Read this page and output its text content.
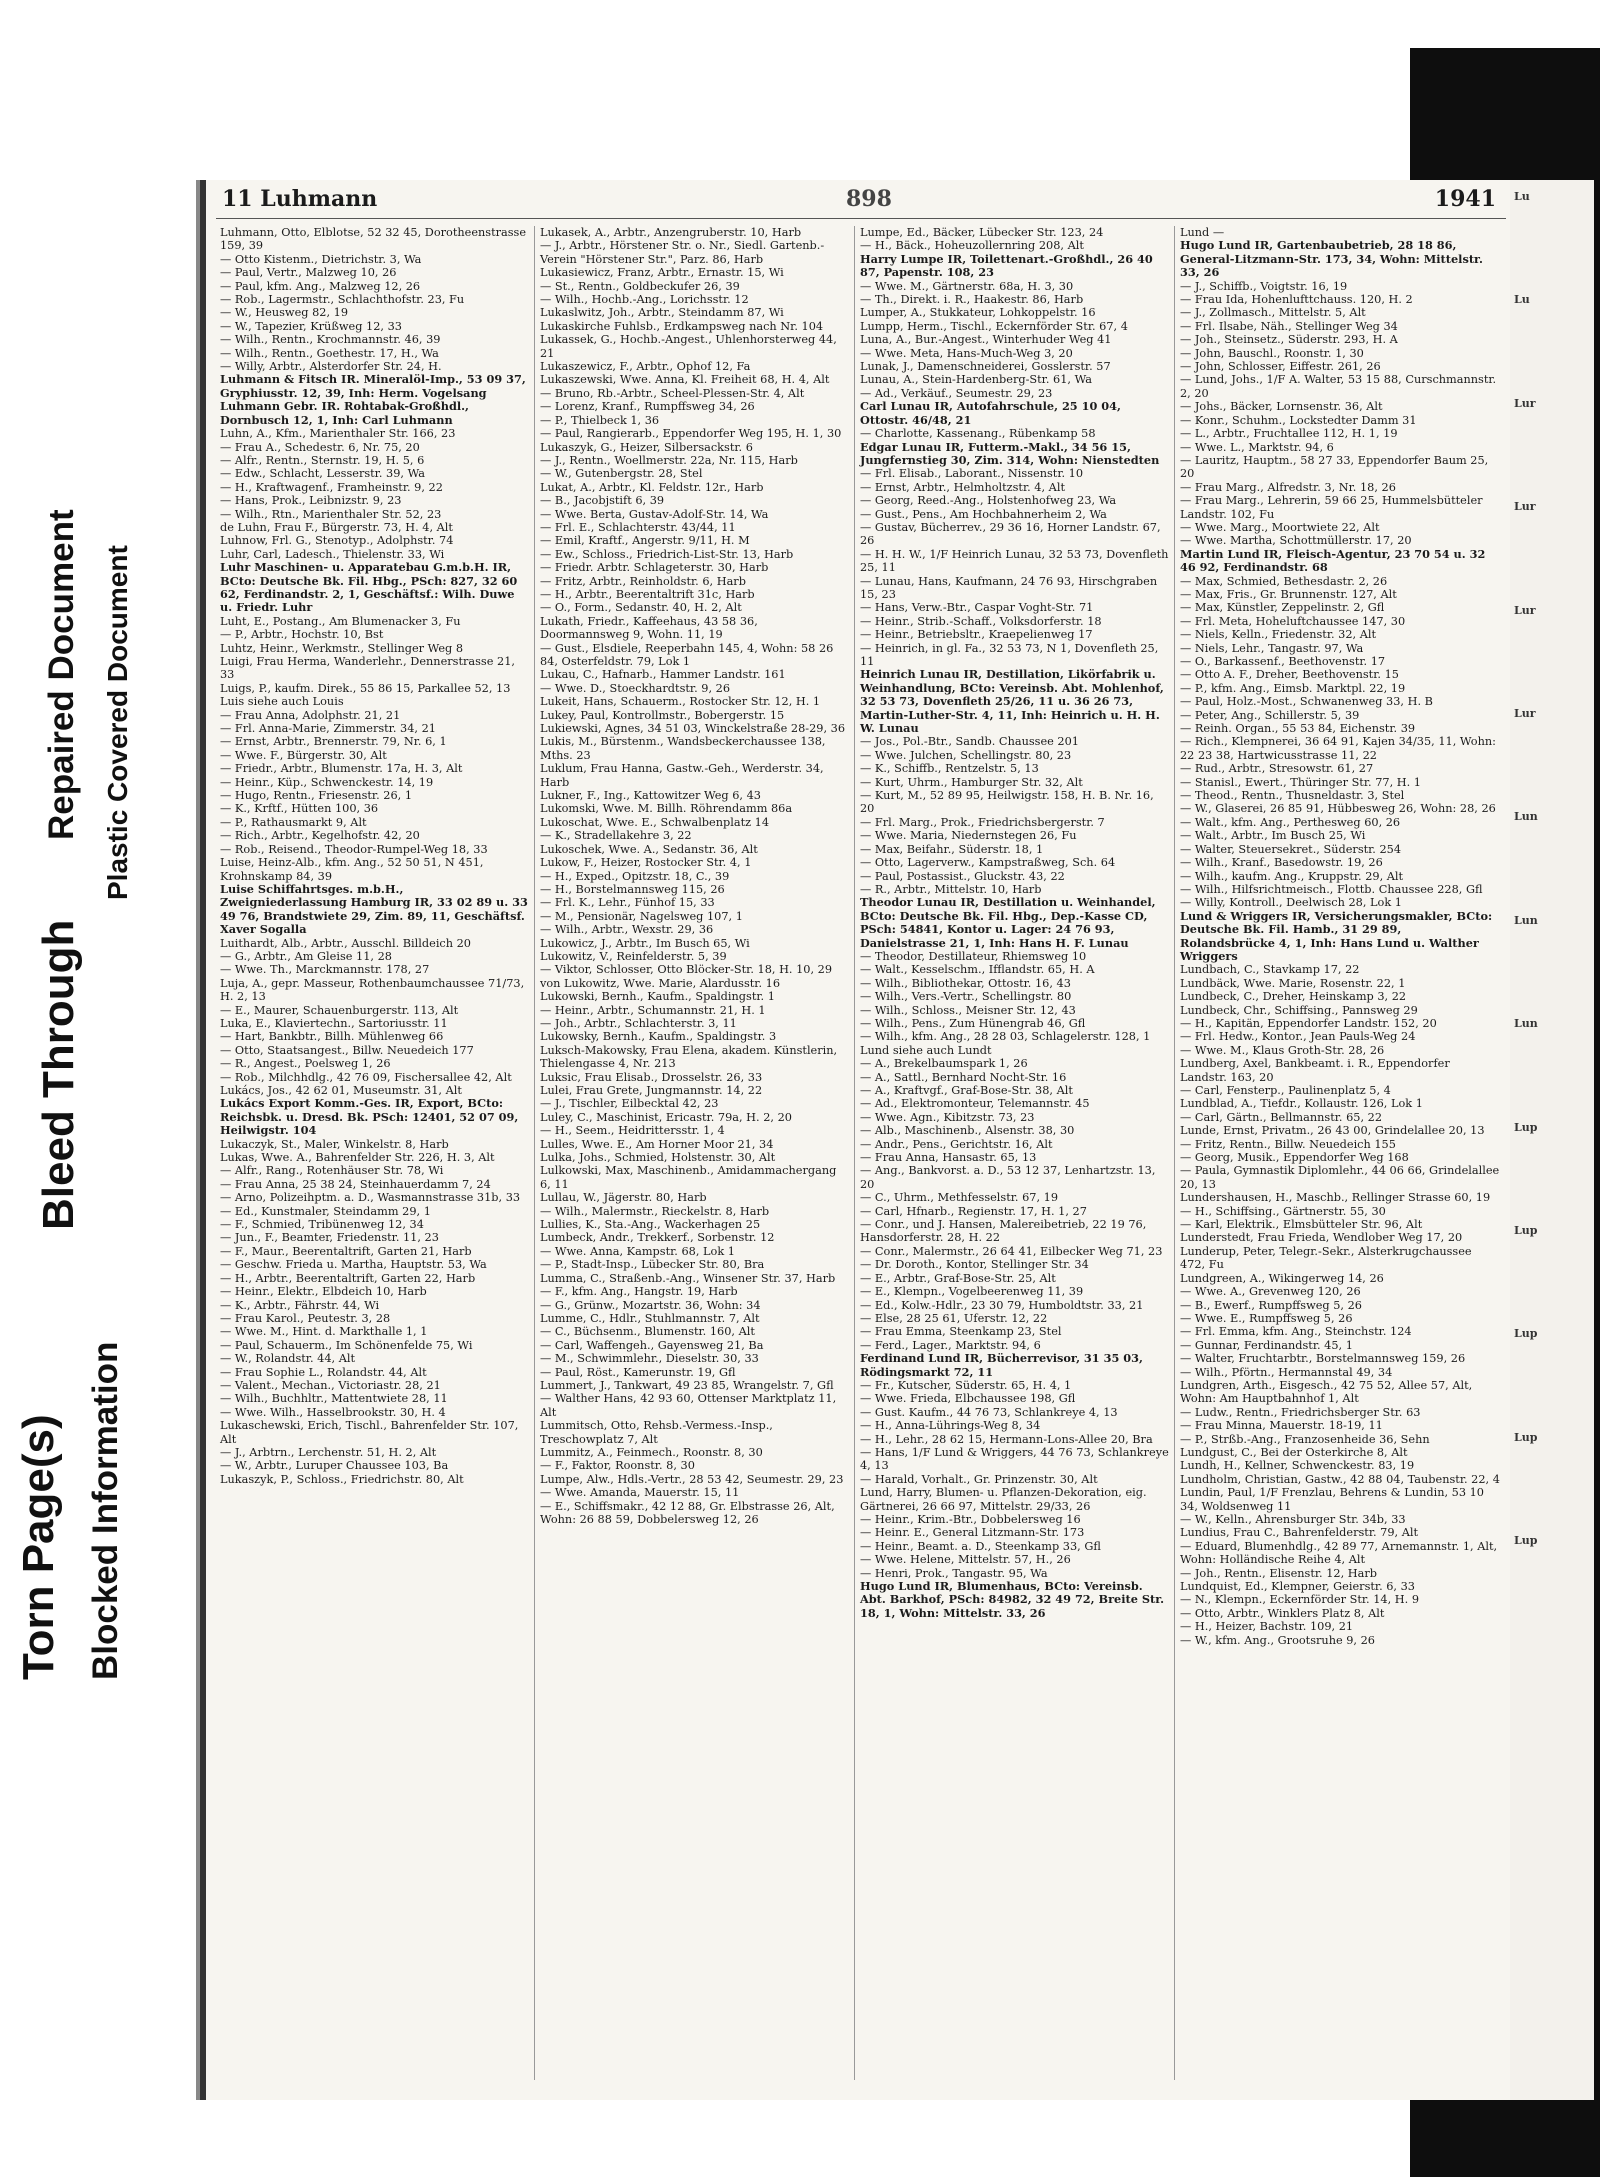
Torn Page(s) Blocked Information
Bleed Through
Repaired Document Plastic Covered Document
11 Luhmann	898	1941

Luhmann, Otto, Elblotse, 52 32 45, Dorotheenstrasse 159, 39

— Otto Kistenm., Dietrichstr. 3, Wa

— Paul, Vertr., Malzweg 10, 26

— Paul, kfm. Ang., Malzweg 12, 26

— Rob., Lagermstr., Schlachthofstr. 23, Fu

— W., Heusweg 82, 19

— W., Tapezier, Krüßweg 12, 33

— Wilh., Rentn., Krochmannstr. 46, 39

— Wilh., Rentn., Goethestr. 17, H., Wa

— Willy, Arbtr., Alsterdorfer Str. 24, H.

Luhmann & Fitsch IR. Mineralöl-Imp., 53 09 37, Gryphiusstr. 12, 39, Inh: Herm. Vogelsang

Luhmann Gebr. IR. Rohtabak-Großhdl., Dornbusch 12, 1, Inh: Carl Luhmann

Luhn, A., Kfm., Marienthaler Str. 166, 23

— Frau A., Schedestr. 6, Nr. 75, 20

— Alfr., Rentn., Sternstr. 19, H. 5, 6

— Edw., Schlacht, Lesserstr. 39, Wa

— H., Kraftwagenf., Framheinstr. 9, 22

— Hans, Prok., Leibnizstr. 9, 23

— Wilh., Rtn., Marienthaler Str. 52, 23

de Luhn, Frau F., Bürgerstr. 73, H. 4, Alt

Luhnow, Frl. G., Stenotyp., Adolphstr. 74

Luhr, Carl, Ladesch., Thielenstr. 33, Wi

Luhr Maschinen- u. Apparatebau G.m.b.H. IR, BCto: Deutsche Bk. Fil. Hbg., PSch: 827, 32 60 62, Ferdinandstr. 2, 1, Geschäftsf.: Wilh. Duwe u. Friedr. Luhr

Luht, E., Postang., Am Blumenacker 3, Fu

— P., Arbtr., Hochstr. 10, Bst

Luhtz, Heinr., Werkmstr., Stellinger Weg 8

Luigi, Frau Herma, Wanderlehr., Dennerstrasse 21, 33

Luigs, P., kaufm. Direk., 55 86 15, Parkallee 52, 13

Luis siehe auch Louis

— Frau Anna, Adolphstr. 21, 21

— Frl. Anna-Marie, Zimmerstr. 34, 21

— Ernst, Arbtr., Brennerstr. 79, Nr. 6, 1

— Wwe. F., Bürgerstr. 30, Alt

— Friedr., Arbtr., Blumenstr. 17a, H. 3, Alt

— Heinr., Küp., Schwenckestr. 14, 19

— Hugo, Rentn., Friesenstr. 26, 1

— K., Krftf., Hütten 100, 36

— P., Rathausmarkt 9, Alt

— Rich., Arbtr., Kegelhofstr. 42, 20

— Rob., Reisend., Theodor-Rumpel-Weg 18, 33

Luise, Heinz-Alb., kfm. Ang., 52 50 51, N 451, Krohnskamp 84, 39

Luise Schiffahrtsges. m.b.H., Zweigniederlassung Hamburg IR, 33 02 89 u. 33 49 76, Brandstwiete 29, Zim. 89, 11, Geschäftsf. Xaver Sogalla

Luithardt, Alb., Arbtr., Ausschl. Billdeich 20

— G., Arbtr., Am Gleise 11, 28

— Wwe. Th., Marckmannstr. 178, 27

Luja, A., gepr. Masseur, Rothenbaumchaussee 71/73, H. 2, 13

— E., Maurer, Schauenburgerstr. 113, Alt

Luka, E., Klaviertechn., Sartoriusstr. 11

— Hart, Bankbtr., Billh. Mühlenweg 66

— Otto, Staatsangest., Billw. Neuedeich 177

— R., Angest., Poelsweg 1, 26

— Rob., Milchhdlg., 42 76 09, Fischersallee 42, Alt

Lukács, Jos., 42 62 01, Museumstr. 31, Alt

Lukács Export Komm.-Ges. IR, Export, BCto: Reichsbk. u. Dresd. Bk. PSch: 12401, 52 07 09, Heilwigstr. 104

Lukaczyk, St., Maler, Winkelstr. 8, Harb

Lukas, Wwe. A., Bahrenfelder Str. 226, H. 3, Alt

— Alfr., Rang., Rotenhäuser Str. 78, Wi

— Frau Anna, 25 38 24, Steinhauerdamm 7, 24

— Arno, Polizeihptm. a. D., Wasmannstrasse 31b, 33

— Ed., Kunstmaler, Steindamm 29, 1

— F., Schmied, Tribünenweg 12, 34

— Jun., F., Beamter, Friedenstr. 11, 23

— F., Maur., Beerentaltrift, Garten 21, Harb

— Geschw. Frieda u. Martha, Hauptstr. 53, Wa

— H., Arbtr., Beerentaltrift, Garten 22, Harb

— Heinr., Elektr., Elbdeich 10, Harb

— K., Arbtr., Fährstr. 44, Wi

— Frau Karol., Peutestr. 3, 28

— Wwe. M., Hint. d. Markthalle 1, 1

— Paul, Schauerm., Im Schönenfelde 75, Wi

— W., Rolandstr. 44, Alt

— Frau Sophie L., Rolandstr. 44, Alt

— Valent., Mechan., Victoriastr. 28, 21

— Wilh., Buchhltr., Mattentwiete 28, 11

— Wwe. Wilh., Hasselbrookstr. 30, H. 4

Lukaschewski, Erich, Tischl., Bahrenfelder Str. 107, Alt

— J., Arbtrn., Lerchenstr. 51, H. 2, Alt

— W., Arbtr., Luruper Chaussee 103, Ba

Lukaszyk, P., Schloss., Friedrichstr. 80, Alt

Lukasek, A., Arbtr., Anzengruberstr. 10, Harb

— J., Arbtr., Hörstener Str. o. Nr., Siedl. Gartenb.-Verein "Hörstener Str.", Parz. 86, Harb

Lukasiewicz, Franz, Arbtr., Ernastr. 15, Wi

— St., Rentn., Goldbeckufer 26, 39

— Wilh., Hochb.-Ang., Lorichsstr. 12

Lukaslwitz, Joh., Arbtr., Steindamm 87, Wi

Lukaskirche Fuhlsb., Erdkampsweg nach Nr. 104

Lukassek, G., Hochb.-Angest., Uhlenhorsterweg 44, 21

Lukaszewicz, F., Arbtr., Ophof 12, Fa

Lukaszewski, Wwe. Anna, Kl. Freiheit 68, H. 4, Alt

— Bruno, Rb.-Arbtr., Scheel-Plessen-Str. 4, Alt

— Lorenz, Kranf., Rumpffsweg 34, 26

— P., Thielbeck 1, 36

— Paul, Rangierarb., Eppendorfer Weg 195, H. 1, 30

Lukaszyk, G., Heizer, Silbersackstr. 6

— J., Rentn., Woellmerstr. 22a, Nr. 115, Harb

— W., Gutenbergstr. 28, Stel

Lukat, A., Arbtr., Kl. Feldstr. 12r., Harb

— B., Jacobjstift 6, 39

— Wwe. Berta, Gustav-Adolf-Str. 14, Wa

— Frl. E., Schlachterstr. 43/44, 11

— Emil, Kraftf., Angerstr. 9/11, H. M

— Ew., Schloss., Friedrich-List-Str. 13, Harb

— Friedr. Arbtr. Schlageterstr. 30, Harb

— Fritz, Arbtr., Reinholdstr. 6, Harb

— H., Arbtr., Beerentaltrift 31c, Harb

— O., Form., Sedanstr. 40, H. 2, Alt

Lukath, Friedr., Kaffeehaus, 43 58 36, Doormannsweg 9, Wohn. 11, 19

— Gust., Elsdiele, Reeperbahn 145, 4, Wohn: 58 26 84, Osterfeldstr. 79, Lok 1

Lukau, C., Hafnarb., Hammer Landstr. 161

— Wwe. D., Stoeckhardtstr. 9, 26

Lukeit, Hans, Schauerm., Rostocker Str. 12, H. 1

Lukey, Paul, Kontrollmstr., Bobergerstr. 15

Lukiewski, Agnes, 34 51 03, Winckelstraße 28-29, 36

Lukis, M., Bürstenm., Wandsbeckerchaussee 138, Mths. 23

Luklum, Frau Hanna, Gastw.-Geh., Werderstr. 34, Harb

Lukner, F., Ing., Kattowitzer Weg 6, 43

Lukomski, Wwe. M. Billh. Röhrendamm 86a

Lukoschat, Wwe. E., Schwalbenplatz 14

— K., Stradellakehre 3, 22

Lukoschek, Wwe. A., Sedanstr. 36, Alt

Lukow, F., Heizer, Rostocker Str. 4, 1

— H., Exped., Opitzstr. 18, C., 39

— H., Borstelmannsweg 115, 26

— Frl. K., Lehr., Fünhof 15, 33

— M., Pensionär, Nagelsweg 107, 1

— Wilh., Arbtr., Wexstr. 29, 36

Lukowicz, J., Arbtr., Im Busch 65, Wi

Lukowitz, V., Reinfelderstr. 5, 39

— Viktor, Schlosser, Otto Blöcker-Str. 18, H. 10, 29

von Lukowitz, Wwe. Marie, Alardusstr. 16

Lukowski, Bernh., Kaufm., Spaldingstr. 1

— Heinr., Arbtr., Schumannstr. 21, H. 1

— Joh., Arbtr., Schlachterstr. 3, 11

Lukowsky, Bernh., Kaufm., Spaldingstr. 3

Luksch-Makowsky, Frau Elena, akadem. Künstlerin, Thielengasse 4, Nr. 213

Luksic, Frau Elisab., Drosselstr. 26, 33

Lulei, Frau Grete, Jungmannstr. 14, 22

— J., Tischler, Eilbecktal 42, 23

Luley, C., Maschinist, Ericastr. 79a, H. 2, 20

— H., Seem., Heidrittersstr. 1, 4

Lulles, Wwe. E., Am Horner Moor 21, 34

Lulka, Johs., Schmied, Holstenstr. 30, Alt

Lulkowski, Max, Maschinenb., Amidammachergang 6, 11

Lullau, W., Jägerstr. 80, Harb

— Wilh., Malermstr., Rieckelstr. 8, Harb

Lullies, K., Sta.-Ang., Wackerhagen 25

Lumbeck, Andr., Trekkerf., Sorbenstr. 12

— Wwe. Anna, Kampstr. 68, Lok 1

— P., Stadt-Insp., Lübecker Str. 80, Bra

Lumma, C., Straßenb.-Ang., Winsener Str. 37, Harb

— F., kfm. Ang., Hangstr. 19, Harb

— G., Grünw., Mozartstr. 36, Wohn: 34

Lumme, C., Hdlr., Stuhlmannstr. 7, Alt

— C., Büchsenm., Blumenstr. 160, Alt

— Carl, Waffengeh., Gayensweg 21, Ba

— M., Schwimmlehr., Dieselstr. 30, 33

— Paul, Röst., Kamerunstr. 19, Gfl

Lummert, J., Tankwart, 49 23 85, Wrangelstr. 7, Gfl

— Walther Hans, 42 93 60, Ottenser Marktplatz 11, Alt

Lummitsch, Otto, Rehsb.-Vermess.-Insp., Treschowplatz 7, Alt

Lummitz, A., Feinmech., Roonstr. 8, 30

— F., Faktor, Roonstr. 8, 30

Lumpe, Alw., Hdls.-Vertr., 28 53 42, Seumestr. 29, 23

— Wwe. Amanda, Mauerstr. 15, 11

— E., Schiffsmakr., 42 12 88, Gr. Elbstrasse 26, Alt, Wohn: 26 88 59, Dobbelersweg 12, 26

Lumpe, Ed., Bäcker, Lübecker Str. 123, 24

— H., Bäck., Hoheuzollernring 208, Alt

Harry Lumpe IR, Toilettenart.-Großhdl., 26 40 87, Papenstr. 108, 23

— Wwe. M., Gärtnerstr. 68a, H. 3, 30

— Th., Direkt. i. R., Haakestr. 86, Harb

Lumper, A., Stukkateur, Lohkoppelstr. 16

Lumpp, Herm., Tischl., Eckernförder Str. 67, 4

Luna, A., Bur.-Angest., Winterhuder Weg 41

— Wwe. Meta, Hans-Much-Weg 3, 20

Lunak, J., Damenschneiderei, Gosslerstr. 57

Lunau, A., Stein-Hardenberg-Str. 61, Wa

— Ad., Verkäuf., Seumestr. 29, 23

Carl Lunau IR, Autofahrschule, 25 10 04, Ottostr. 46/48, 21

— Charlotte, Kassenang., Rübenkamp 58

Edgar Lunau IR, Futterm.-Makl., 34 56 15, Jungfernstieg 30, Zim. 314, Wohn: Nienstedten

— Frl. Elisab., Laborant., Nissenstr. 10

— Ernst, Arbtr., Helmholtzstr. 4, Alt

— Georg, Reed.-Ang., Holstenhofweg 23, Wa

— Gust., Pens., Am Hochbahnerheim 2, Wa

— Gustav, Bücherrev., 29 36 16, Horner Landstr. 67, 26

— H. H. W., 1/F Heinrich Lunau, 32 53 73, Dovenfleth 25, 11

— Lunau, Hans, Kaufmann, 24 76 93, Hirschgraben 15, 23

— Hans, Verw.-Btr., Caspar Voght-Str. 71

— Heinr., Strib.-Schaff., Volksdorferstr. 18

— Heinr., Betriebsltr., Kraepelienweg 17

— Heinrich, in gl. Fa., 32 53 73, N 1, Dovenfleth 25, 11

Heinrich Lunau IR, Destillation, Likörfabrik u. Weinhandlung, BCto: Vereinsb. Abt. Mohlenhof, 32 53 73, Dovenfleth 25/26, 11 u. 36 26 73, Martin-Luther-Str. 4, 11, Inh: Heinrich u. H. H. W. Lunau

— Jos., Pol.-Btr., Sandb. Chaussee 201

— Wwe. Julchen, Schellingstr. 80, 23

— K., Schiffb., Rentzelstr. 5, 13

— Kurt, Uhrm., Hamburger Str. 32, Alt

— Kurt, M., 52 89 95, Heilwigstr. 158, H. B. Nr. 16, 20

— Frl. Marg., Prok., Friedrichsbergerstr. 7

— Wwe. Maria, Niedernstegen 26, Fu

— Max, Beifahr., Süderstr. 18, 1

— Otto, Lagerverw., Kampstraßweg, Sch. 64

— Paul, Postassist., Gluckstr. 43, 22

— R., Arbtr., Mittelstr. 10, Harb

Theodor Lunau IR, Destillation u. Weinhandel, BCto: Deutsche Bk. Fil. Hbg., Dep.-Kasse CD, PSch: 54841, Kontor u. Lager: 24 76 93, Danielstrasse 21, 1, Inh: Hans H. F. Lunau

— Theodor, Destillateur, Rhiemsweg 10

— Walt., Kesselschm., Ifflandstr. 65, H. A

— Wilh., Bibliothekar, Ottostr. 16, 43

— Wilh., Vers.-Vertr., Schellingstr. 80

— Wilh., Schloss., Meisner Str. 12, 43

— Wilh., Pens., Zum Hünengrab 46, Gfl

— Wilh., kfm. Ang., 28 28 03, Schlagelerstr. 128, 1

Lund siehe auch Lundt

— A., Brekelbaumspark 1, 26

— A., Sattl., Bernhard Nocht-Str. 16

— A., Kraftvgf., Graf-Bose-Str. 38, Alt

— Ad., Elektromonteur, Telemannstr. 45

— Wwe. Agn., Kibitzstr. 73, 23

— Alb., Maschinenb., Alsenstr. 38, 30

— Andr., Pens., Gerichtstr. 16, Alt

— Frau Anna, Hansastr. 65, 13

— Ang., Bankvorst. a. D., 53 12 37, Lenhartzstr. 13, 20

— C., Uhrm., Methfesselstr. 67, 19

— Carl, Hfnarb., Regienstr. 17, H. 1, 27

— Conr., und J. Hansen, Malereibetrieb, 22 19 76, Hansdorferstr. 28, H. 22

— Conr., Malermstr., 26 64 41, Eilbecker Weg 71, 23

— Dr. Doroth., Kontor, Stellinger Str. 34

— E., Arbtr., Graf-Bose-Str. 25, Alt

— E., Klempn., Vogelbeerenweg 11, 39

— Ed., Kolw.-Hdlr., 23 30 79, Humboldtstr. 33, 21

— Else, 28 25 61, Uferstr. 12, 22

— Frau Emma, Steenkamp 23, Stel

— Ferd., Lager., Marktstr. 94, 6

Ferdinand Lund IR, Bücherrevisor, 31 35 03, Rödingsmarkt 72, 11

— Fr., Kutscher, Süderstr. 65, H. 4, 1

— Wwe. Frieda, Elbchaussee 198, Gfl

— Gust. Kaufm., 44 76 73, Schlankreye 4, 13

— H., Anna-Lührings-Weg 8, 34

— H., Lehr., 28 62 15, Hermann-Lons-Allee 20, Bra

— Hans, 1/F Lund & Wriggers, 44 76 73, Schlankreye 4, 13

— Harald, Vorhalt., Gr. Prinzenstr. 30, Alt

Lund, Harry, Blumen- u. Pflanzen-Dekoration, eig. Gärtnerei, 26 66 97, Mittelstr. 29/33, 26

— Heinr., Krim.-Btr., Dobbelersweg 16

— Heinr. E., General Litzmann-Str. 173

— Heinr., Beamt. a. D., Steenkamp 33, Gfl

— Wwe. Helene, Mittelstr. 57, H., 26

— Henri, Prok., Tangastr. 95, Wa

Hugo Lund IR, Blumenhaus, BCto: Vereinsb. Abt. Barkhof, PSch: 84982, 32 49 72, Breite Str. 18, 1, Wohn: Mittelstr. 33, 26

Lund —

Hugo Lund IR, Gartenbaubetrieb, 28 18 86, General-Litzmann-Str. 173, 34, Wohn: Mittelstr. 33, 26

— J., Schiffb., Voigtstr. 16, 19

— Frau Ida, Hohenlufttchauss. 120, H. 2

— J., Zollmasch., Mittelstr. 5, Alt

— Frl. Ilsabe, Näh., Stellinger Weg 34

— Joh., Steinsetz., Süderstr. 293, H. A

— John, Bauschl., Roonstr. 1, 30

— John, Schlosser, Eiffestr. 261, 26

— Lund, Johs., 1/F A. Walter, 53 15 88, Curschmannstr. 2, 20

— Johs., Bäcker, Lornsenstr. 36, Alt

— Konr., Schuhm., Lockstedter Damm 31

— L., Arbtr., Fruchtallee 112, H. 1, 19

— Wwe. L., Marktstr. 94, 6

— Lauritz, Hauptm., 58 27 33, Eppendorfer Baum 25, 20

— Frau Marg., Alfredstr. 3, Nr. 18, 26

— Frau Marg., Lehrerin, 59 66 25, Hummelsbütteler Landstr. 102, Fu

— Wwe. Marg., Moortwiete 22, Alt

— Wwe. Martha, Schottmüllerstr. 17, 20

Martin Lund IR, Fleisch-Agentur, 23 70 54 u. 32 46 92, Ferdinandstr. 68

— Max, Schmied, Bethesdastr. 2, 26

— Max, Fris., Gr. Brunnenstr. 127, Alt

— Max, Künstler, Zeppelinstr. 2, Gfl

— Frl. Meta, Hoheluftchaussee 147, 30

— Niels, Kelln., Friedenstr. 32, Alt

— Niels, Lehr., Tangastr. 97, Wa

— O., Barkassenf., Beethovenstr. 17

— Otto A. F., Dreher, Beethovenstr. 15

— P., kfm. Ang., Eimsb. Marktpl. 22, 19

— Paul, Holz.-Most., Schwanenweg 33, H. B

— Peter, Ang., Schillerstr. 5, 39

— Reinh. Organ., 55 53 84, Eichenstr. 39

— Rich., Klempnerei, 36 64 91, Kajen 34/35, 11, Wohn: 22 23 38, Hartwicusstrasse 11, 22

— Rud., Arbtr., Stresowstr. 61, 27

— Stanisl., Ewert., Thüringer Str. 77, H. 1

— Theod., Rentn., Thusneldastr. 3, Stel

— W., Glaserei, 26 85 91, Hübbesweg 26, Wohn: 28, 26

— Walt., kfm. Ang., Perthesweg 60, 26

— Walt., Arbtr., Im Busch 25, Wi

— Walter, Steuersekret., Süderstr. 254

— Wilh., Kranf., Basedowstr. 19, 26

— Wilh., kaufm. Ang., Kruppstr. 29, Alt

— Wilh., Hilfsrichtmeisch., Flottb. Chaussee 228, Gfl

— Willy, Kontroll., Deelwisch 28, Lok 1

Lund & Wriggers IR, Versicherungsmakler, BCto: Deutsche Bk. Fil. Hamb., 31 29 89, Rolandsbrücke 4, 1, Inh: Hans Lund u. Walther Wriggers

Lundbach, C., Stavkamp 17, 22

Lundbäck, Wwe. Marie, Rosenstr. 22, 1

Lundbeck, C., Dreher, Heinskamp 3, 22

Lundbeck, Chr., Schiffsing., Pannsweg 29

— H., Kapitän, Eppendorfer Landstr. 152, 20

— Frl. Hedw., Kontor., Jean Pauls-Weg 24

— Wwe. M., Klaus Groth-Str. 28, 26

Lundberg, Axel, Bankbeamt. i. R., Eppendorfer Landstr. 163, 20

— Carl, Fensterp., Paulinenplatz 5, 4

Lundblad, A., Tiefdr., Kollaustr. 126, Lok 1

— Carl, Gärtn., Bellmannstr. 65, 22

Lunde, Ernst, Privatm., 26 43 00, Grindelallee 20, 13

— Fritz, Rentn., Billw. Neuedeich 155

— Georg, Musik., Eppendorfer Weg 168

— Paula, Gymnastik Diplomlehr., 44 06 66, Grindelallee 20, 13

Lundershausen, H., Maschb., Rellinger Strasse 60, 19

— H., Schiffsing., Gärtnerstr. 55, 30

— Karl, Elektrik., Elmsbütteler Str. 96, Alt

Lunderstedt, Frau Frieda, Wendlober Weg 17, 20

Lunderup, Peter, Telegr.-Sekr., Alsterkrugchaussee 472, Fu

Lundgreen, A., Wikingerweg 14, 26

— Wwe. A., Grevenweg 120, 26

— B., Ewerf., Rumpffsweg 5, 26

— Wwe. E., Rumpffsweg 5, 26

— Frl. Emma, kfm. Ang., Steinchstr. 124

— Gunnar, Ferdinandstr. 45, 1

— Walter, Fruchtarbtr., Borstelmannsweg 159, 26

— Wilh., Pförtn., Hermannstal 49, 34

Lundgren, Arth., Eisgesch., 42 75 52, Allee 57, Alt, Wohn: Am Hauptbahnhof 1, Alt

— Ludw., Rentn., Friedrichsberger Str. 63

— Frau Minna, Mauerstr. 18-19, 11

— P., Strßb.-Ang., Franzosenheide 36, Sehn

Lundgust, C., Bei der Osterkirche 8, Alt

Lundh, H., Kellner, Schwenckestr. 83, 19

Lundholm, Christian, Gastw., 42 88 04, Taubenstr. 22, 4

Lundin, Paul, 1/F Frenzlau, Behrens & Lundin, 53 10 34, Woldsenweg 11

— W., Kelln., Ahrensburger Str. 34b, 33

Lundius, Frau C., Bahrenfelderstr. 79, Alt

— Eduard, Blumenhdlg., 42 89 77, Arnemannstr. 1, Alt, Wohn: Holländische Reihe 4, Alt

— Joh., Rentn., Elisenstr. 12, Harb

Lundquist, Ed., Klempner, Geierstr. 6, 33

— N., Klempn., Eckernförder Str. 14, H. 9

— Otto, Arbtr., Winklers Platz 8, Alt

— H., Heizer, Bachstr. 109, 21

— W., kfm. Ang., Grootsruhe 9, 26

Lu
Lu
Lur
Lur
Lur
Lur
Lun
Lun
Lun
Lup
Lup
Lup
Lup
Lup
